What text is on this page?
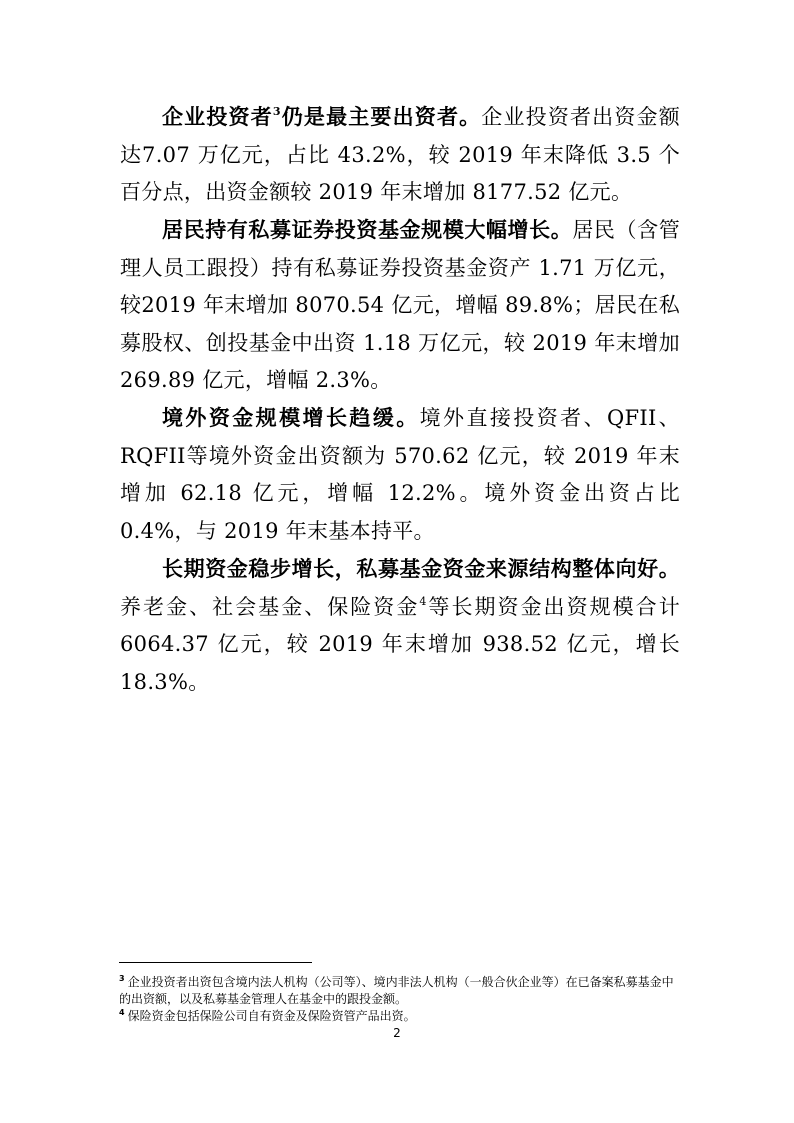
企业投资者$^3$仍是最主要出资者。企业投资者出资金额达7.07 万亿元，占比 43.2%，较 2019 年末降低 3.5 个百分点，出资金额较 2019 年末增加 8177.52 亿元。

居民持有私募证券投资基金规模大幅增长。居民（含管理人员工跟投）持有私募证券投资基金资产 1.71 万亿元，较2019 年末增加 8070.54 亿元，增幅 89.8%；居民在私募股权、创投基金中出资 1.18 万亿元，较 2019 年末增加 269.89 亿元，增幅 2.3%。

境外资金规模增长趋缓。境外直接投资者、QFII、RQFII等境外资金出资额为 570.62 亿元，较 2019 年末增加 62.18 亿元，增幅 12.2%。境外资金出资占比 0.4%，与 2019 年末基本持平。

长期资金稳步增长，私募基金资金来源结构整体向好。养老金、社会基金、保险资金$^4$等长期资金出资规模合计6064.37 亿元，较 2019 年末增加 938.52 亿元，增长 18.3%。

$^3$ 企业投资者出资包含境内法人机构（公司等）、境内非法人机构（一般合伙企业等）在已备案私募基金中的出资额，以及私募基金管理人在基金中的跟投金额。

$^4$ 保险资金包括保险公司自有资金及保险资管产品出资。

2
